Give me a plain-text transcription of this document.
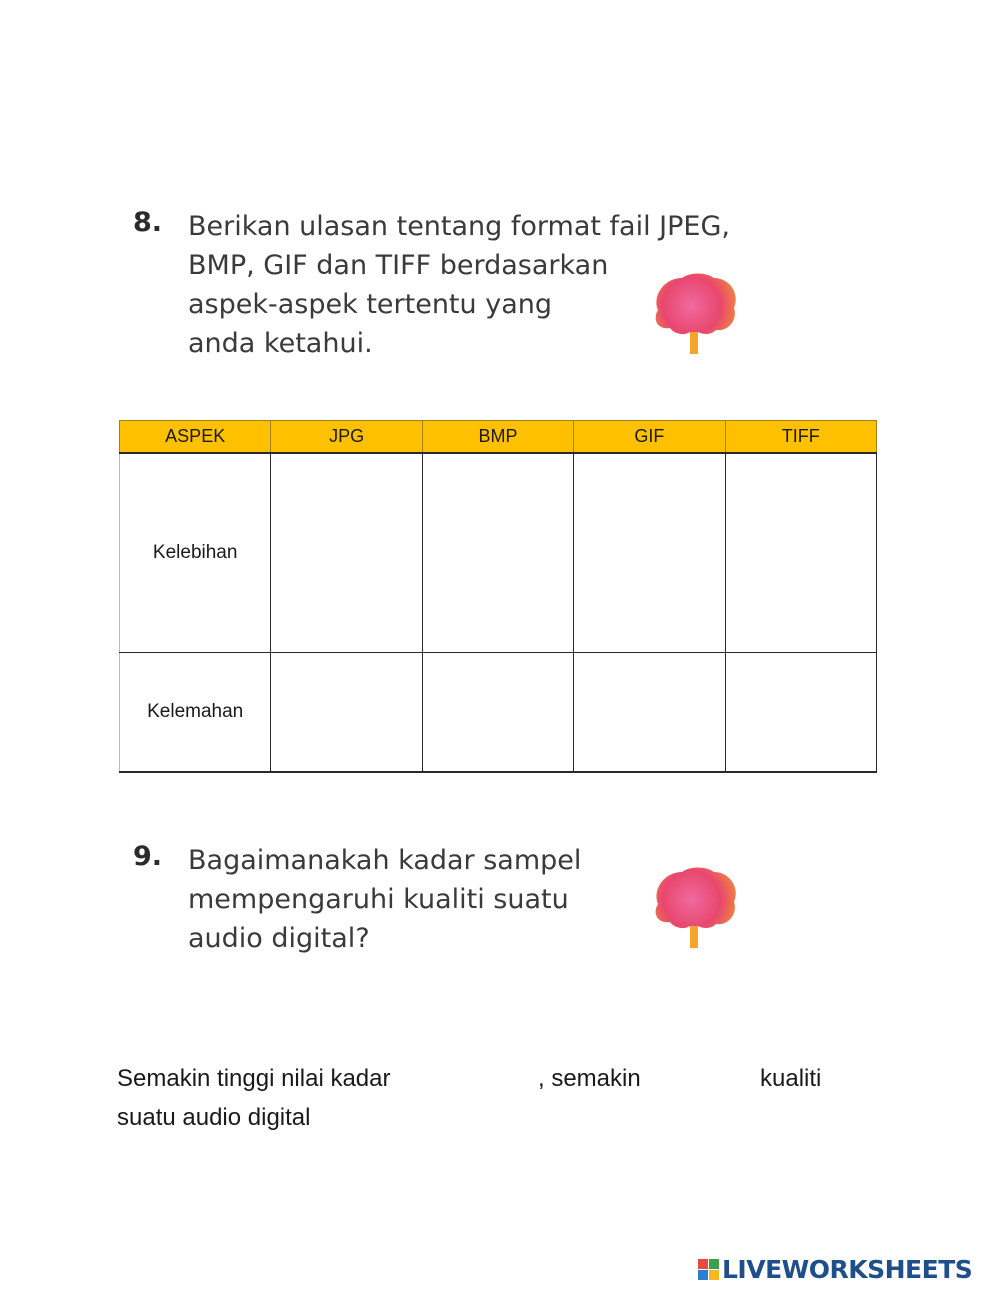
8. Berikan ulasan tentang format fail JPEG,
BMP, GIF dan TIFF berdasarkan
aspek-aspek tertentu yang
anda ketahui.
ASPEK	JPG	BMP	GIF	TIFF
Kelebihan				
Kelemahan				
9. Bagaimanakah kadar sampel
mempengaruhi kualiti suatu
audio digital?
Semakin tinggi nilai kadar	, semakin	kualiti
suatu audio digital
LIVEWORKSHEETS
